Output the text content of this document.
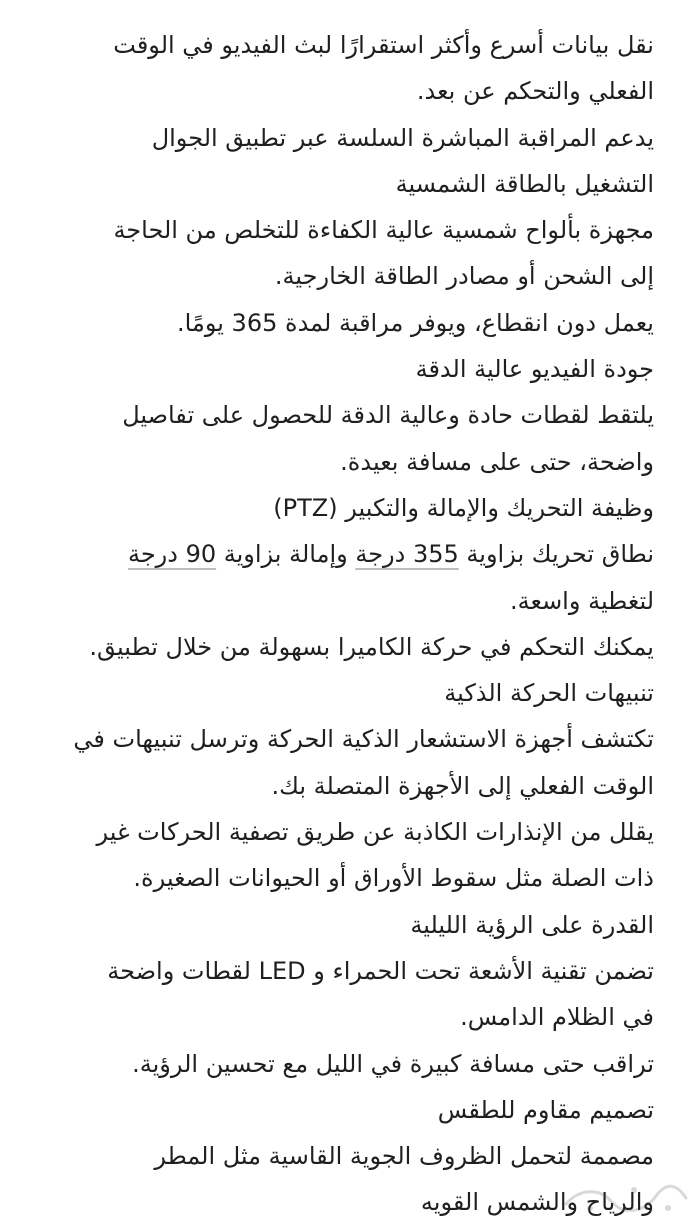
نقل بيانات أسرع وأكثر استقرارًا لبث الفيديو في الوقت
الفعلي والتحكم عن بعد.
يدعم المراقبة المباشرة السلسة عبر تطبيق الجوال
التشغيل بالطاقة الشمسية
مجهزة بألواح شمسية عالية الكفاءة للتخلص من الحاجة
إلى الشحن أو مصادر الطاقة الخارجية.
يعمل دون انقطاع، ويوفر مراقبة لمدة 365 يومًا.
جودة الفيديو عالية الدقة
يلتقط لقطات حادة وعالية الدقة للحصول على تفاصيل
واضحة، حتى على مسافة بعيدة.
وظيفة التحريك والإمالة والتكبير (PTZ)
نطاق تحريك بزاوية 355 درجة وإمالة بزاوية 90 درجة
لتغطية واسعة.
يمكنك التحكم في حركة الكاميرا بسهولة من خلال تطبيق.
تنبيهات الحركة الذكية
تكتشف أجهزة الاستشعار الذكية الحركة وترسل تنبيهات في
الوقت الفعلي إلى الأجهزة المتصلة بك.
يقلل من الإنذارات الكاذبة عن طريق تصفية الحركات غير
ذات الصلة مثل سقوط الأوراق أو الحيوانات الصغيرة.
القدرة على الرؤية الليلية
تضمن تقنية الأشعة تحت الحمراء و LED لقطات واضحة
في الظلام الدامس.
تراقب حتى مسافة كبيرة في الليل مع تحسين الرؤية.
تصميم مقاوم للطقس
مصممة لتحمل الظروف الجوية القاسية مثل المطر
والرياح والشمس القويه
